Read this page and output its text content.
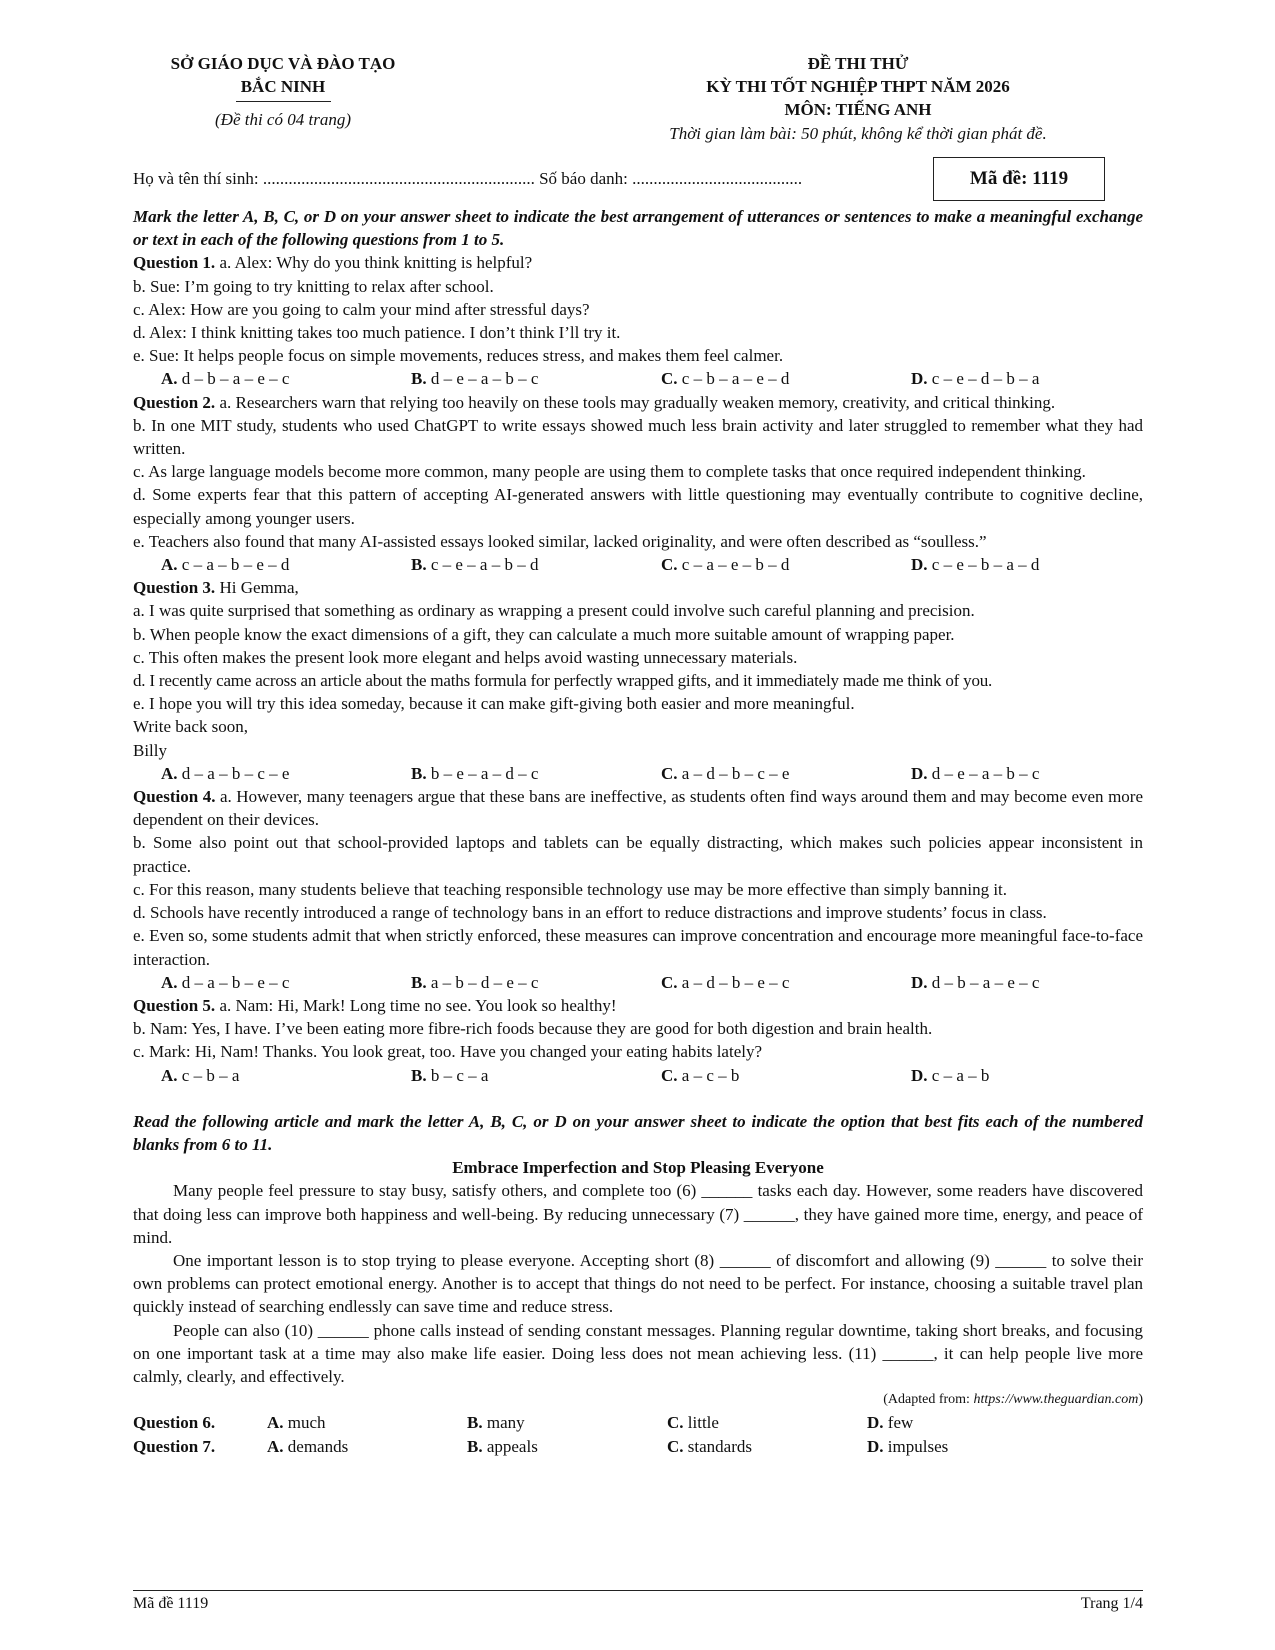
SỞ GIÁO DỤC VÀ ĐÀO TẠO
BẮC NINH
(Đề thi có 04 trang)
ĐỀ THI THỬ
KỲ THI TỐT NGHIỆP THPT NĂM 2026
MÔN: TIẾNG ANH
Thời gian làm bài: 50 phút, không kể thời gian phát đề.
Họ và tên thí sinh: ................................................................ Số báo danh: ........................................	Mã đề: 1119

Mark the letter A, B, C, or D on your answer sheet to indicate the best arrangement of utterances or sentences to make a meaningful exchange or text in each of the following questions from 1 to 5.

Question 1. a. Alex: Why do you think knitting is helpful?

b. Sue: I’m going to try knitting to relax after school.

c. Alex: How are you going to calm your mind after stressful days?

d. Alex: I think knitting takes too much patience. I don’t think I’ll try it.

e. Sue: It helps people focus on simple movements, reduces stress, and makes them feel calmer.

A. d – b – a – e – c	B. d – e – a – b – c	C. c – b – a – e – d	D. c – e – d – b – a

Question 2. a. Researchers warn that relying too heavily on these tools may gradually weaken memory, creativity, and critical thinking.

b. In one MIT study, students who used ChatGPT to write essays showed much less brain activity and later struggled to remember what they had written.

c. As large language models become more common, many people are using them to complete tasks that once required independent thinking.

d. Some experts fear that this pattern of accepting AI-generated answers with little questioning may eventually contribute to cognitive decline, especially among younger users.

e. Teachers also found that many AI-assisted essays looked similar, lacked originality, and were often described as “soulless.”

A. c – a – b – e – d	B. c – e – a – b – d	C. c – a – e – b – d	D. c – e – b – a – d

Question 3. Hi Gemma,

a. I was quite surprised that something as ordinary as wrapping a present could involve such careful planning and precision.

b. When people know the exact dimensions of a gift, they can calculate a much more suitable amount of wrapping paper.

c. This often makes the present look more elegant and helps avoid wasting unnecessary materials.

d. I recently came across an article about the maths formula for perfectly wrapped gifts, and it immediately made me think of you.

e. I hope you will try this idea someday, because it can make gift-giving both easier and more meaningful.

Write back soon,

Billy

A. d – a – b – c – e	B. b – e – a – d – c	C. a – d – b – c – e	D. d – e – a – b – c

Question 4. a. However, many teenagers argue that these bans are ineffective, as students often find ways around them and may become even more dependent on their devices.

b. Some also point out that school-provided laptops and tablets can be equally distracting, which makes such policies appear inconsistent in practice.

c. For this reason, many students believe that teaching responsible technology use may be more effective than simply banning it.

d. Schools have recently introduced a range of technology bans in an effort to reduce distractions and improve students’ focus in class.

e. Even so, some students admit that when strictly enforced, these measures can improve concentration and encourage more meaningful face-to-face interaction.

A. d – a – b – e – c	B. a – b – d – e – c	C. a – d – b – e – c	D. d – b – a – e – c

Question 5. a. Nam: Hi, Mark! Long time no see. You look so healthy!

b. Nam: Yes, I have. I’ve been eating more fibre-rich foods because they are good for both digestion and brain health.

c. Mark: Hi, Nam! Thanks. You look great, too. Have you changed your eating habits lately?

A. c – b – a	B. b – c – a	C. a – c – b	D. c – a – b

Read the following article and mark the letter A, B, C, or D on your answer sheet to indicate the option that best fits each of the numbered blanks from 6 to 11.

Embrace Imperfection and Stop Pleasing Everyone

Many people feel pressure to stay busy, satisfy others, and complete too (6) ______ tasks each day. However, some readers have discovered that doing less can improve both happiness and well-being. By reducing unnecessary (7) ______, they have gained more time, energy, and peace of mind.

One important lesson is to stop trying to please everyone. Accepting short (8) ______ of discomfort and allowing (9) ______ to solve their own problems can protect emotional energy. Another is to accept that things do not need to be perfect. For instance, choosing a suitable travel plan quickly instead of searching endlessly can save time and reduce stress.

People can also (10) ______ phone calls instead of sending constant messages. Planning regular downtime, taking short breaks, and focusing on one important task at a time may also make life easier. Doing less does not mean achieving less. (11) ______, it can help people live more calmly, clearly, and effectively.

(Adapted from: https://www.theguardian.com)

Question 6.	A. much	B. many	C. little	D. few
Question 7.	A. demands	B. appeals	C. standards	D. impulses
Mã đề 1119	Trang 1/4
